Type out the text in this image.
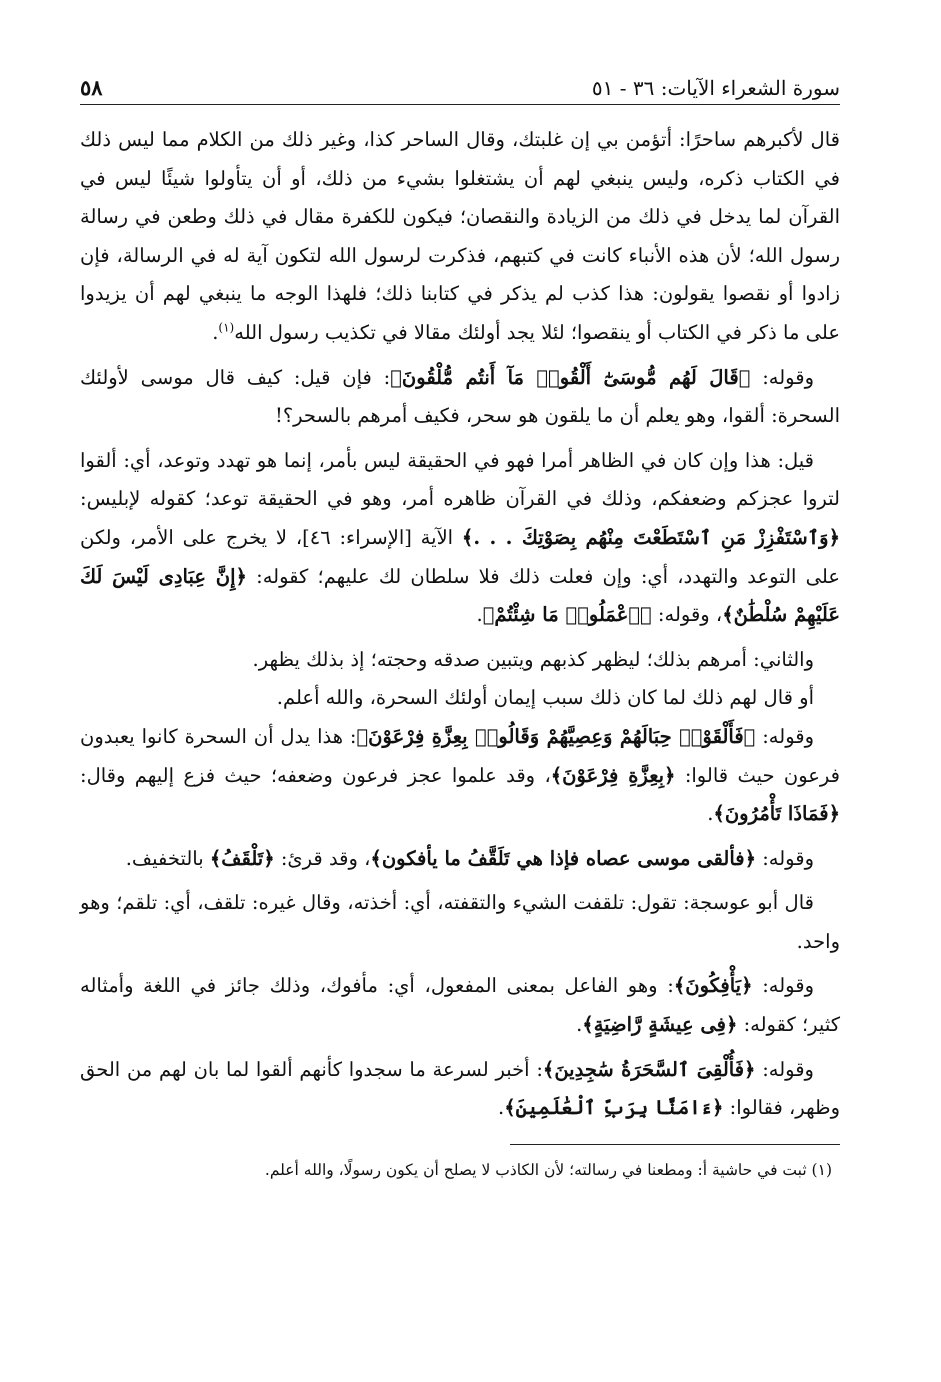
سورة الشعراء الآيات: ٣٦ - ٥١
٥٨

قال لأكبرهم ساحرًا: أتؤمن بي إن غلبتك، وقال الساحر كذا، وغير ذلك من الكلام مما ليس ذلك في الكتاب ذكره، وليس ينبغي لهم أن يشتغلوا بشيء من ذلك، أو أن يتأولوا شيئًا ليس في القرآن لما يدخل في ذلك من الزيادة والنقصان؛ فيكون للكفرة مقال في ذلك وطعن في رسالة رسول الله؛ لأن هذه الأنباء كانت في كتبهم، فذكرت لرسول الله لتكون آية له في الرسالة، فإن زادوا أو نقصوا يقولون: هذا كذب لم يذكر في كتابنا ذلك؛ فلهذا الوجه ما ينبغي لهم أن يزيدوا على ما ذكر في الكتاب أو ينقصوا؛ لئلا يجد أولئك مقالا في تكذيب رسول الله$^{(١)}$.

وقوله: ﴿قَالَ لَهُم مُّوسَىٰٓ أَلْقُوا۟ مَآ أَنتُم مُّلْقُونَ﴾: فإن قيل: كيف قال موسى لأولئك السحرة: ألقوا، وهو يعلم أن ما يلقون هو سحر، فكيف أمرهم بالسحر؟!

قيل: هذا وإن كان في الظاهر أمرا فهو في الحقيقة ليس بأمر، إنما هو تهدد وتوعد، أي: ألقوا لتروا عجزكم وضعفكم، وذلك في القرآن ظاهره أمر، وهو في الحقيقة توعد؛ كقوله لإبليس: ﴿وَٱسْتَفْزِزْ مَنِ ٱسْتَطَعْتَ مِنْهُم بِصَوْتِكَ . . .﴾ الآية [الإسراء: ٤٦]، لا يخرج على الأمر، ولكن على التوعد والتهدد، أي: وإن فعلت ذلك فلا سلطان لك عليهم؛ كقوله: ﴿إِنَّ عِبَادِى لَيْسَ لَكَ عَلَيْهِمْ سُلْطَٰنٌ﴾، وقوله: ﴿ٱعْمَلُوا۟ مَا شِئْتُمْ﴾.

والثاني: أمرهم بذلك؛ ليظهر كذبهم ويتبين صدقه وحجته؛ إذ بذلك يظهر.

أو قال لهم ذلك لما كان ذلك سبب إيمان أولئك السحرة، والله أعلم.

وقوله: ﴿فَأَلْقَوْا۟ حِبَالَهُمْ وَعِصِيَّهُمْ وَقَالُوا۟ بِعِزَّةِ فِرْعَوْنَ﴾: هذا يدل أن السحرة كانوا يعبدون فرعون حيث قالوا: ﴿بِعِزَّةِ فِرْعَوْنَ﴾، وقد علموا عجز فرعون وضعفه؛ حيث فزع إليهم وقال: ﴿فَمَاذَا تَأْمُرُونَ﴾.

وقوله: ﴿فألقى موسى عصاه فإذا هي تَلَقَّفُ ما يأفكون﴾، وقد قرئ: ﴿تَلْقَفُ﴾ بالتخفيف.

قال أبو عوسجة: تقول: تلقفت الشيء والتقفته، أي: أخذته، وقال غيره: تلقف، أي: تلقم؛ وهو واحد.

وقوله: ﴿يَأْفِكُونَ﴾: وهو الفاعل بمعنى المفعول، أي: مأفوك، وذلك جائز في اللغة وأمثاله كثير؛ كقوله: ﴿فِى عِيشَةٍ رَّاضِيَةٍ﴾.

وقوله: ﴿فَأُلْقِىَ ٱلسَّحَرَةُ سَٰجِدِينَ﴾: أخبر لسرعة ما سجدوا كأنهم ألقوا لما بان لهم من الحق وظهر، فقالوا: ﴿ءَامَنَّا بِرَبِّ ٱلْعَٰلَمِينَ﴾.

(١) ثبت في حاشية أ: ومطعنا في رسالته؛ لأن الكاذب لا يصلح أن يكون رسولًا، والله أعلم.
